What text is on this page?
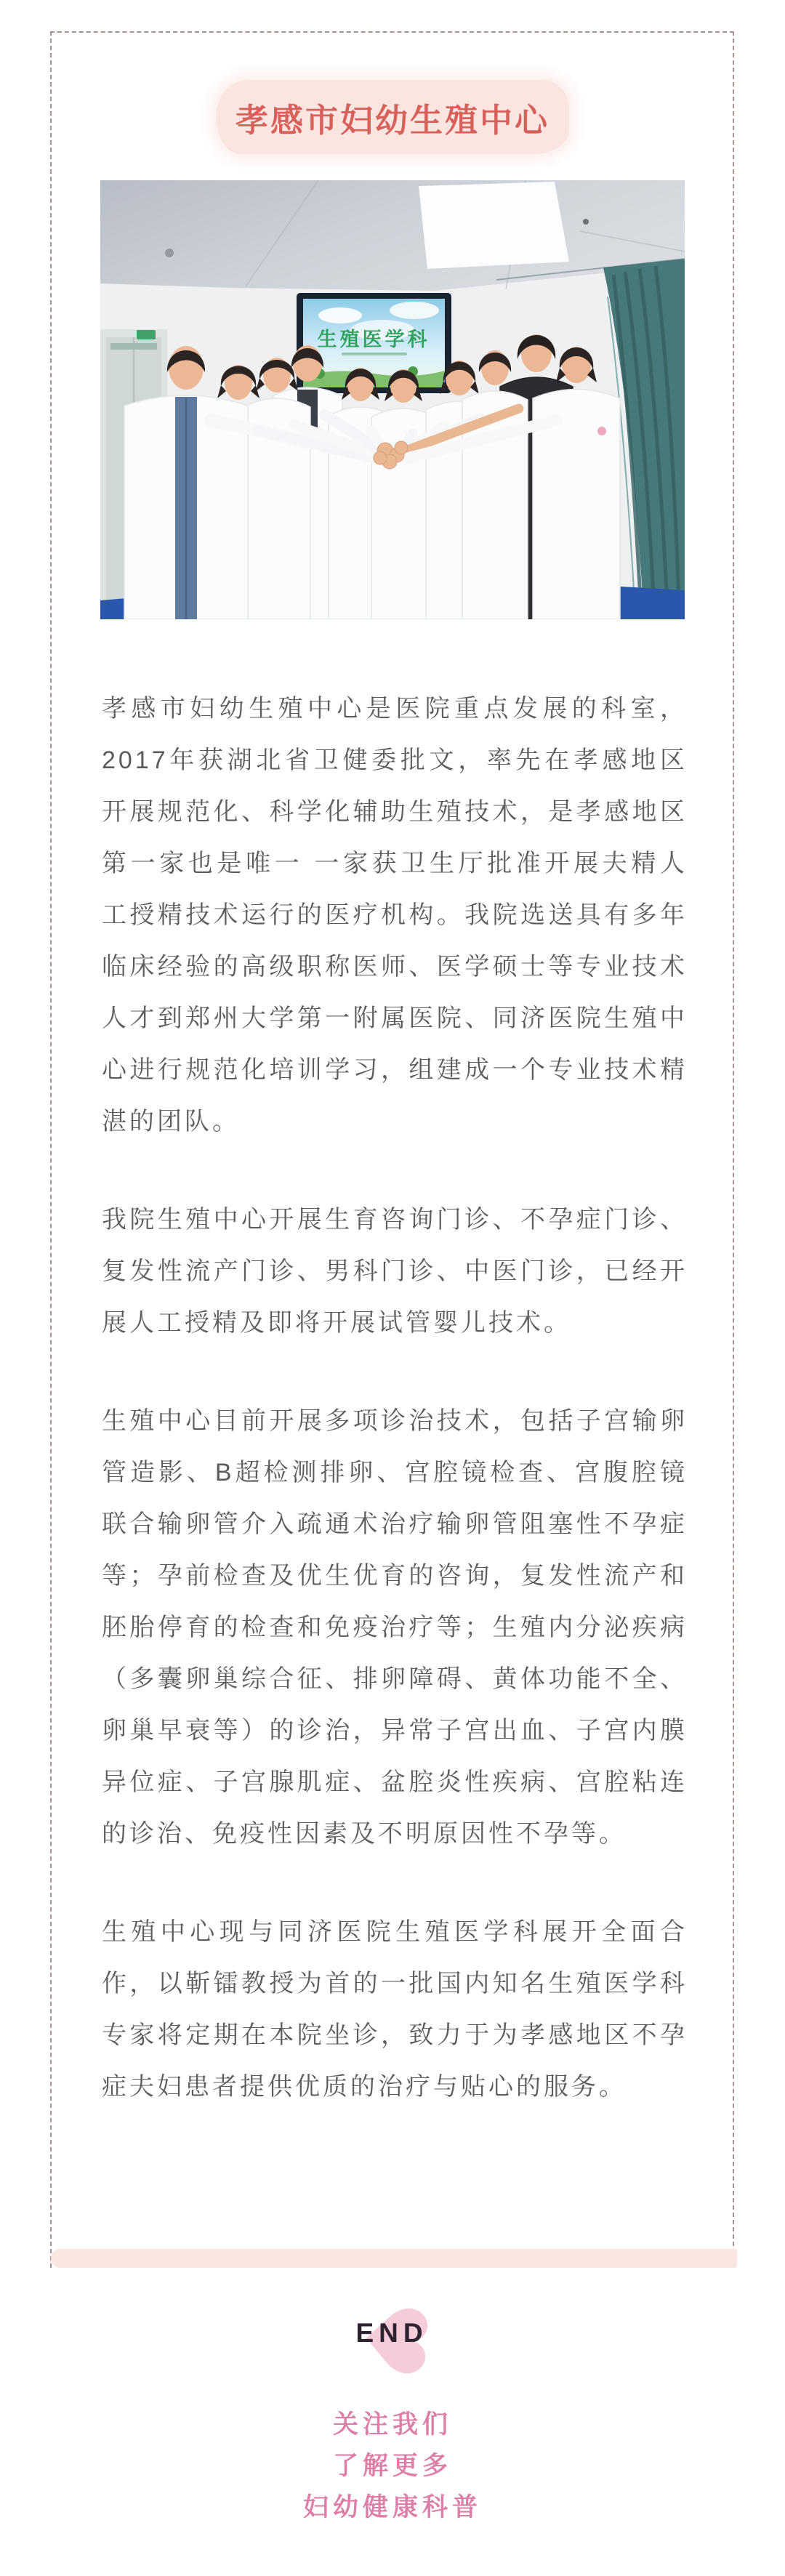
孝感市妇幼生殖中心
生殖医学科

孝感市妇幼生殖中心是医院重点发展的科室，2017年获湖北省卫健委批文，率先在孝感地区开展规范化、科学化辅助生殖技术，是孝感地区第一家也是唯一 一家获卫生厅批准开展夫精人工授精技术运行的医疗机构。我院选送具有多年临床经验的高级职称医师、医学硕士等专业技术人才到郑州大学第一附属医院、同济医院生殖中心进行规范化培训学习，组建成一个专业技术精湛的团队。

我院生殖中心开展生育咨询门诊、不孕症门诊、复发性流产门诊、男科门诊、中医门诊，已经开展人工授精及即将开展试管婴儿技术。

生殖中心目前开展多项诊治技术，包括子宫输卵管造影、B超检测排卵、宫腔镜检查、宫腹腔镜联合输卵管介入疏通术治疗输卵管阻塞性不孕症等；孕前检查及优生优育的咨询，复发性流产和胚胎停育的检查和免疫治疗等；生殖内分泌疾病（多囊卵巢综合征、排卵障碍、黄体功能不全、卵巢早衰等）的诊治，异常子宫出血、子宫内膜异位症、子宫腺肌症、盆腔炎性疾病、宫腔粘连的诊治、免疫性因素及不明原因性不孕等。

生殖中心现与同济医院生殖医学科展开全面合作，以靳镭教授为首的一批国内知名生殖医学科专家将定期在本院坐诊，致力于为孝感地区不孕症夫妇患者提供优质的治疗与贴心的服务。

END
关注我们
了解更多
妇幼健康科普
